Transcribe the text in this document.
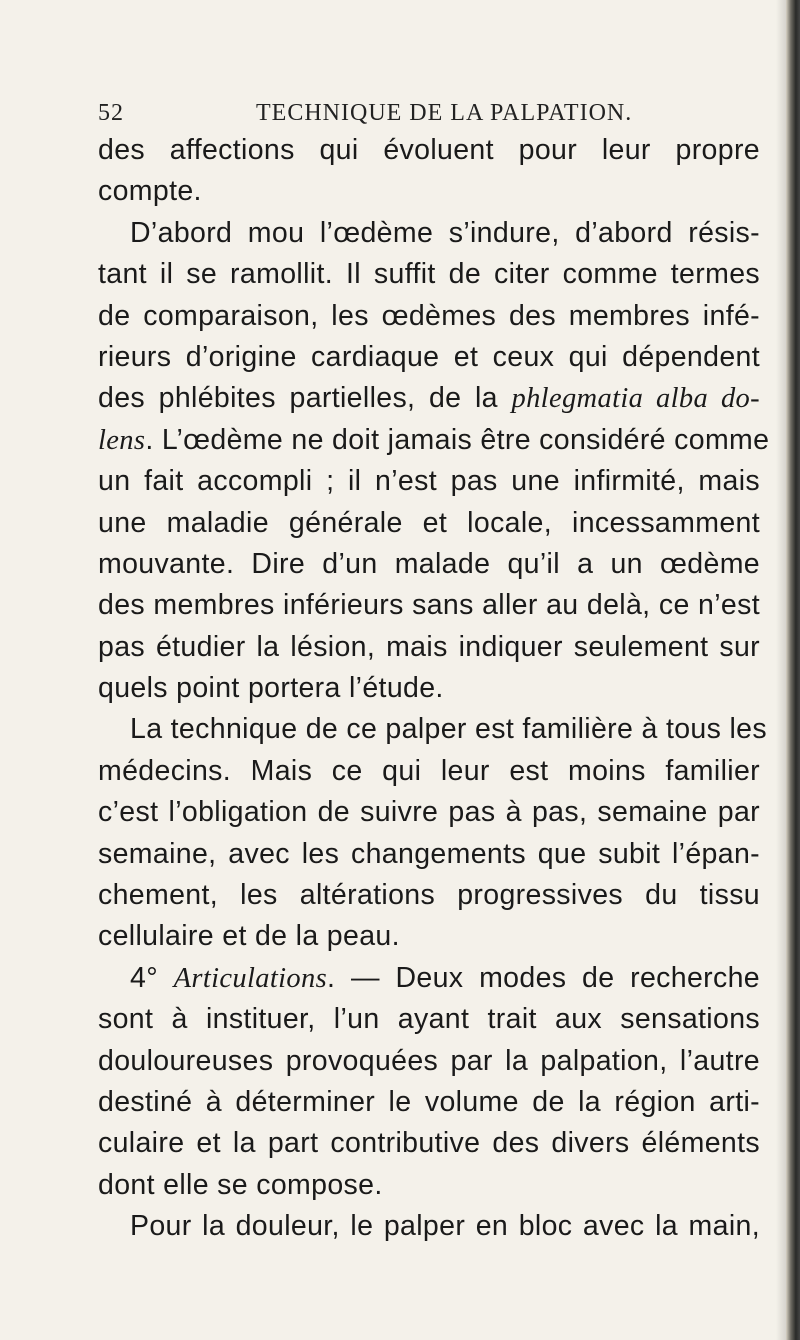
52	TECHNIQUE DE LA PALPATION.
des affections qui évoluent pour leur propre
compte.
D’abord mou l’œdème s’indure, d’abord résis-
tant il se ramollit. Il suffit de citer comme termes
de comparaison, les œdèmes des membres infé-
rieurs d’origine cardiaque et ceux qui dépendent
des phlébites partielles, de la phlegmatia alba do-
lens. L’œdème ne doit jamais être considéré comme
un fait accompli ; il n’est pas une infirmité, mais
une maladie générale et locale, incessamment
mouvante. Dire d’un malade qu’il a un œdème
des membres inférieurs sans aller au delà, ce n’est
pas étudier la lésion, mais indiquer seulement sur
quels point portera l’étude.
La technique de ce palper est familière à tous les
médecins. Mais ce qui leur est moins familier
c’est l’obligation de suivre pas à pas, semaine par
semaine, avec les changements que subit l’épan-
chement, les altérations progressives du tissu
cellulaire et de la peau.
4° Articulations. — Deux modes de recherche
sont à instituer, l’un ayant trait aux sensations
douloureuses provoquées par la palpation, l’autre
destiné à déterminer le volume de la région arti-
culaire et la part contributive des divers éléments
dont elle se compose.
Pour la douleur, le palper en bloc avec la main,
